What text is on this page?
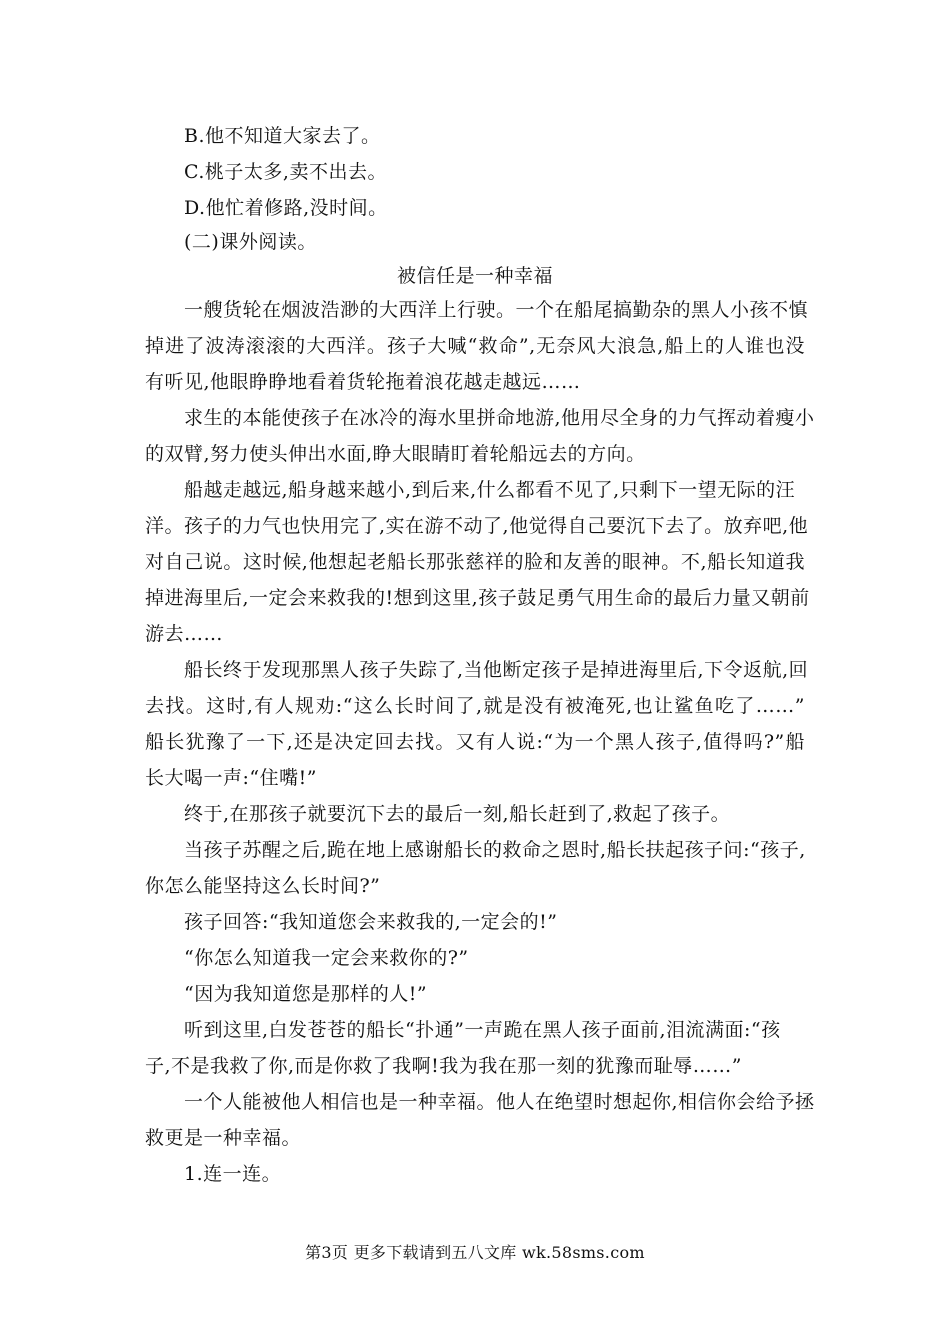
B.他不知道大家去了。
C.桃子太多,卖不出去。
D.他忙着修路,没时间。
(二)课外阅读。
被信任是一种幸福
一艘货轮在烟波浩渺的大西洋上行驶。一个在船尾搞勤杂的黑人小孩不慎
掉进了波涛滚滚的大西洋。孩子大喊“救命”,无奈风大浪急,船上的人谁也没
有听见,他眼睁睁地看着货轮拖着浪花越走越远……
求生的本能使孩子在冰冷的海水里拼命地游,他用尽全身的力气挥动着瘦小
的双臂,努力使头伸出水面,睁大眼睛盯着轮船远去的方向。
船越走越远,船身越来越小,到后来,什么都看不见了,只剩下一望无际的汪
洋。孩子的力气也快用完了,实在游不动了,他觉得自己要沉下去了。放弃吧,他
对自己说。这时候,他想起老船长那张慈祥的脸和友善的眼神。不,船长知道我
掉进海里后,一定会来救我的!想到这里,孩子鼓足勇气用生命的最后力量又朝前
游去……
船长终于发现那黑人孩子失踪了,当他断定孩子是掉进海里后,下令返航,回
去找。这时,有人规劝:“这么长时间了,就是没有被淹死,也让鲨鱼吃了……”
船长犹豫了一下,还是决定回去找。又有人说:“为一个黑人孩子,值得吗?”船
长大喝一声:“住嘴!”
终于,在那孩子就要沉下去的最后一刻,船长赶到了,救起了孩子。
当孩子苏醒之后,跪在地上感谢船长的救命之恩时,船长扶起孩子问:“孩子,
你怎么能坚持这么长时间?”
孩子回答:“我知道您会来救我的,一定会的!”
“你怎么知道我一定会来救你的?”
“因为我知道您是那样的人!”
听到这里,白发苍苍的船长“扑通”一声跪在黑人孩子面前,泪流满面:“孩
子,不是我救了你,而是你救了我啊!我为我在那一刻的犹豫而耻辱……”
一个人能被他人相信也是一种幸福。他人在绝望时想起你,相信你会给予拯
救更是一种幸福。
1.连一连。
第3页 更多下载请到五八文库 wk.58sms.com
